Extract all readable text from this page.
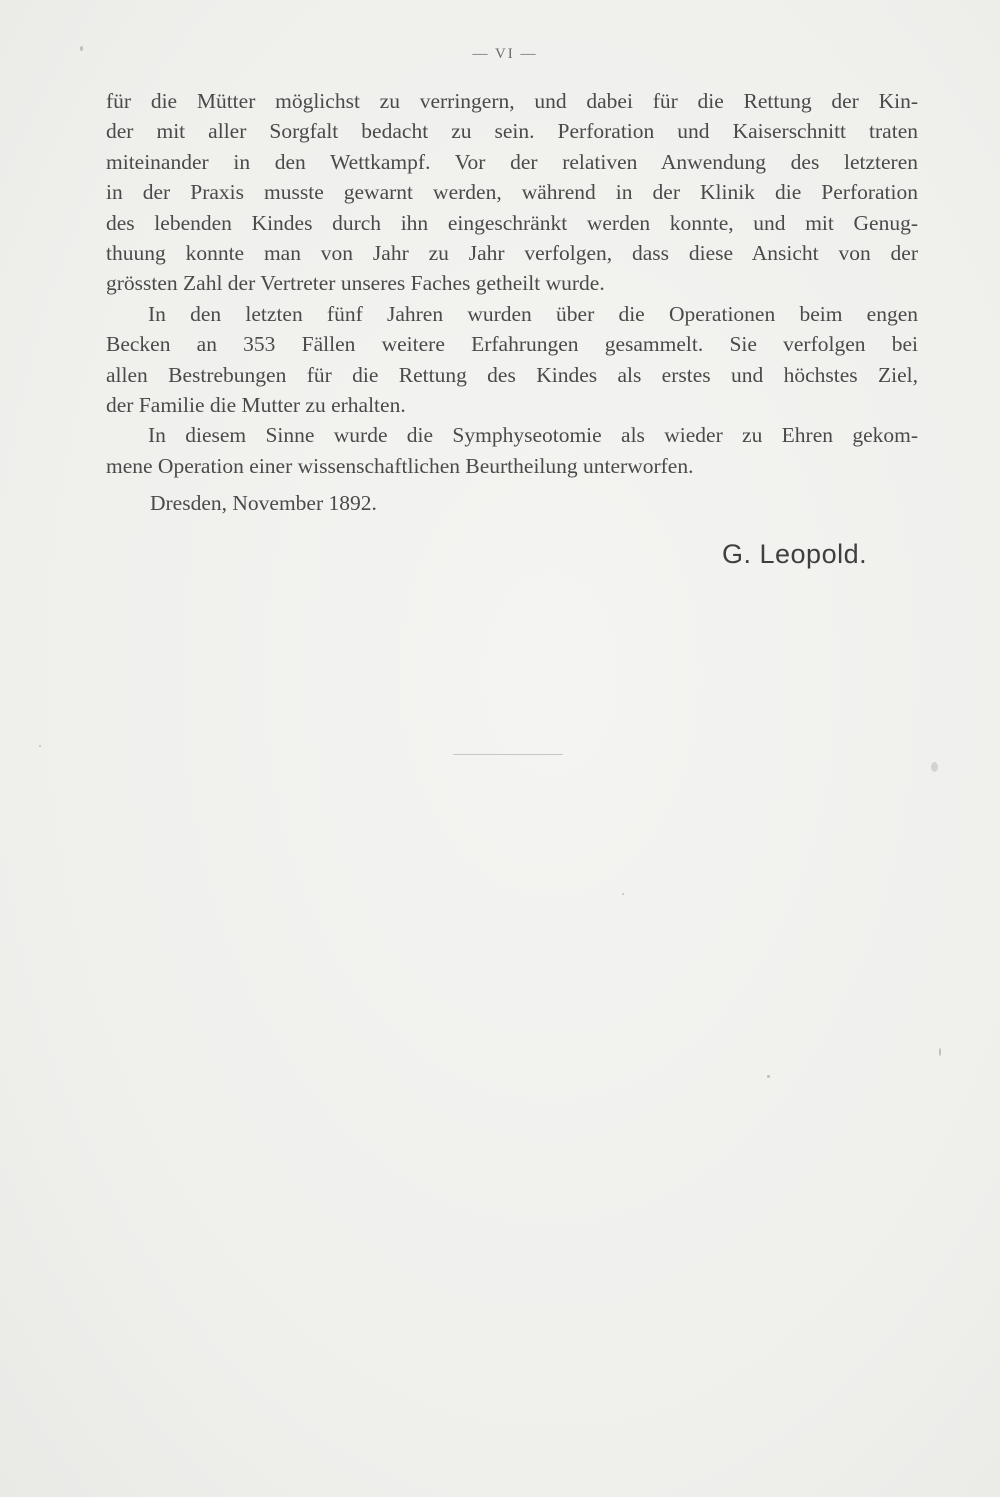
— VI —
für die Mütter möglichst zu verringern, und dabei für die Rettung der Kin-
der mit aller Sorgfalt bedacht zu sein. Perforation und Kaiserschnitt traten
miteinander in den Wettkampf. Vor der relativen Anwendung des letzteren
in der Praxis musste gewarnt werden, während in der Klinik die Perforation
des lebenden Kindes durch ihn eingeschränkt werden konnte, und mit Genug-
thuung konnte man von Jahr zu Jahr verfolgen, dass diese Ansicht von der
grössten Zahl der Vertreter unseres Faches getheilt wurde.
In den letzten fünf Jahren wurden über die Operationen beim engen
Becken an 353 Fällen weitere Erfahrungen gesammelt. Sie verfolgen bei
allen Bestrebungen für die Rettung des Kindes als erstes und höchstes Ziel,
der Familie die Mutter zu erhalten.
In diesem Sinne wurde die Symphyseotomie als wieder zu Ehren gekom-
mene Operation einer wissenschaftlichen Beurtheilung unterworfen.
Dresden, November 1892.
G. Leopold.
